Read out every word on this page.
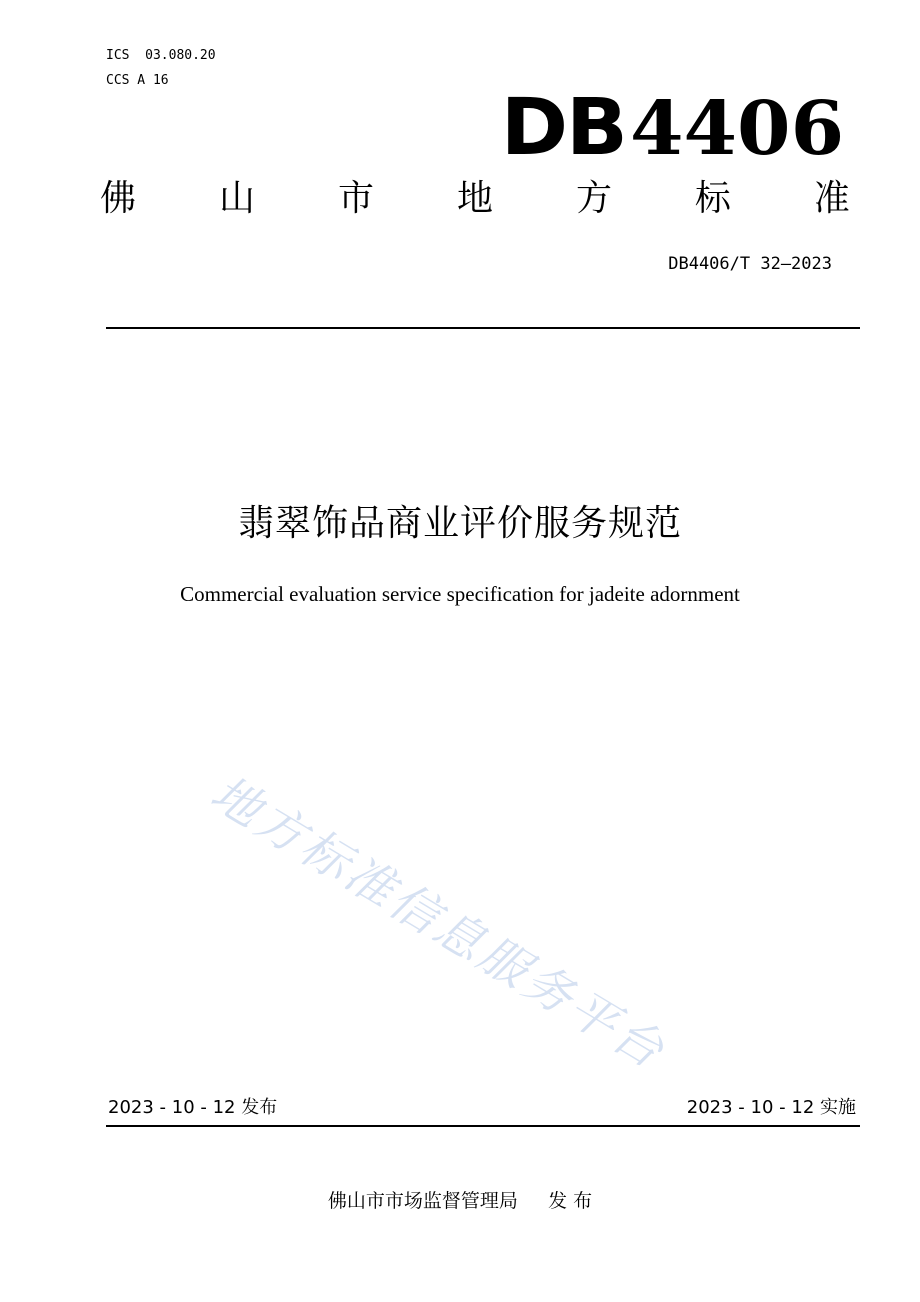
ICS  03.080.20
CCS A 16
DB4406
佛 山 市 地 方 标 准
DB4406/T 32—2023
翡翠饰品商业评价服务规范
Commercial evaluation service specification for jadeite adornment
地方标准信息服务平台
2023 - 10 - 12 发布	2023 - 10 - 12 实施
佛山市市场监督管理局     发 布
